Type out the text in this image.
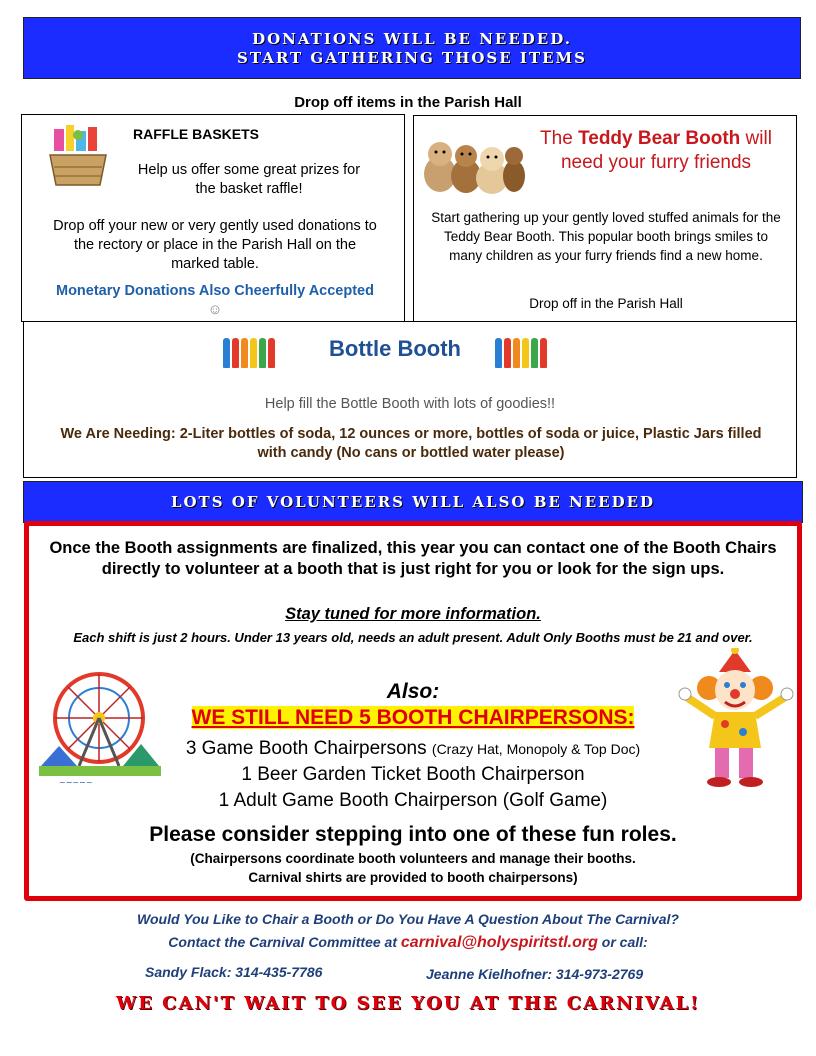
DONATIONS WILL BE NEEDED.
START GATHERING THOSE ITEMS
Drop off items in the Parish Hall
RAFFLE BASKETS
Help us offer some great prizes for the basket raffle!
Drop off your new or very gently used donations to the rectory or place in the Parish Hall on the marked table.
Monetary Donations Also Cheerfully Accepted ☺
The Teddy Bear Booth will need your furry friends
Start gathering up your gently loved stuffed animals for the Teddy Bear Booth. This popular booth brings smiles to many children as your furry friends find a new home.
Drop off in the Parish Hall
Bottle Booth
Help fill the Bottle Booth with lots of goodies!!
We Are Needing: 2-Liter bottles of soda, 12 ounces or more, bottles of soda or juice, Plastic Jars filled with candy (No cans or bottled water please)
LOTS OF VOLUNTEERS WILL ALSO BE NEEDED
Once the Booth assignments are finalized, this year you can contact one of the Booth Chairs directly to volunteer at a booth that is just right for you or look for the sign ups.
Stay tuned for more information.
Each shift is just 2 hours. Under 13 years old, needs an adult present. Adult Only Booths must be 21 and over.
~∼~∼~
Also:
WE STILL NEED 5 BOOTH CHAIRPERSONS:
3 Game Booth Chairpersons (Crazy Hat, Monopoly & Top Doc)
1 Beer Garden Ticket Booth Chairperson
1 Adult Game Booth Chairperson (Golf Game)
Please consider stepping into one of these fun roles.
(Chairpersons coordinate booth volunteers and manage their booths.
Carnival shirts are provided to booth chairpersons)
Would You Like to Chair a Booth or Do You Have A Question About The Carnival?
Contact the Carnival Committee at carnival@holyspiritstl.org or call:
Sandy Flack: 314-435-7786	Jeanne Kielhofner: 314-973-2769
WE CAN'T WAIT TO SEE YOU AT THE CARNIVAL!
